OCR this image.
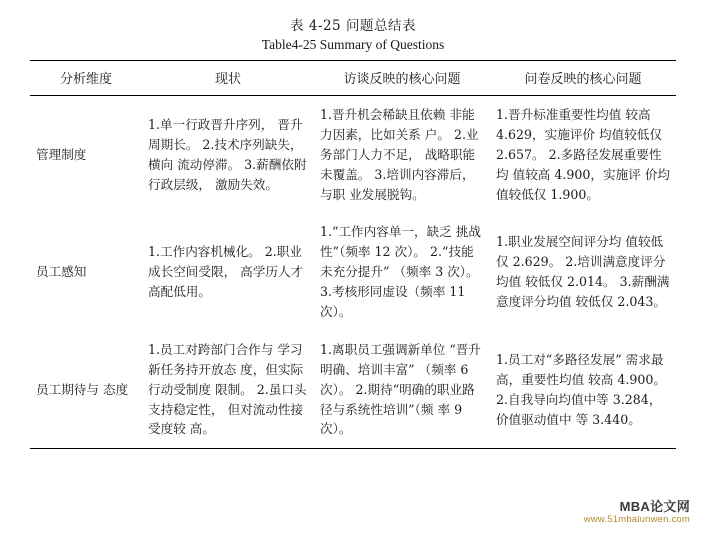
表 4-25 问题总结表
Table4-25 Summary of Questions
分析维度	现状	访谈反映的核心问题	问卷反映的核心问题
管理制度	1.单一行政晋升序列， 晋升周期长。 2.技术序列缺失，横向 流动停滞。 3.薪酬依附行政层级， 激励失效。	1.晋升机会稀缺且依赖 非能力因素，比如关系 户。 2.业务部门人力不足， 战略职能未覆盖。 3.培训内容滞后，与职 业发展脱钩。	1.晋升标准重要性均值 较高 4.629，实施评价 均值较低仅 2.657。 2.多路径发展重要性均 值较高 4.900，实施评 价均值较低仅 1.900。
员工感知	1.工作内容机械化。 2.职业成长空间受限， 高学历人才高配低用。	1.“工作内容单一，缺乏 挑战性”（频率 12 次）。 2.“技能未充分提升” （频率 3 次）。 3.考核形同虚设（频率 11 次）。	1.职业发展空间评分均 值较低仅 2.629。 2.培训满意度评分均值 较低仅 2.014。 3.薪酬满意度评分均值 较低仅 2.043。
员工期待与 态度	1.员工对跨部门合作与 学习新任务持开放态 度，但实际行动受制度 限制。 2.虽口头支持稳定性， 但对流动性接受度较 高。	1.离职员工强调新单位 “晋升明确、培训丰富” （频率 6 次）。 2.期待“明确的职业路 径与系统性培训”（频 率 9 次）。	1.员工对“多路径发展” 需求最高，重要性均值 较高 4.900。 2.自我导向均值中等 3.284，价值驱动值中 等 3.440。
MBA论文网
www.51mbalunwen.com
